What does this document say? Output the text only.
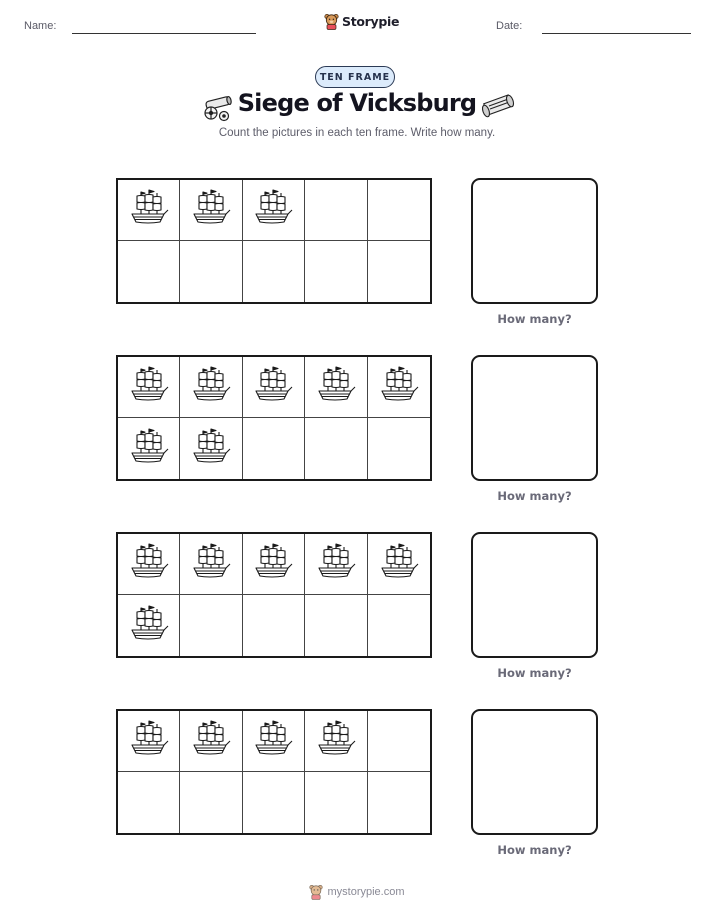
Name:	Storypie	Date:
TEN FRAME
Siege of Vicksburg
Count the pictures in each ten frame. Write how many.
How many?
How many?
How many?
How many?
mystorypie.com
